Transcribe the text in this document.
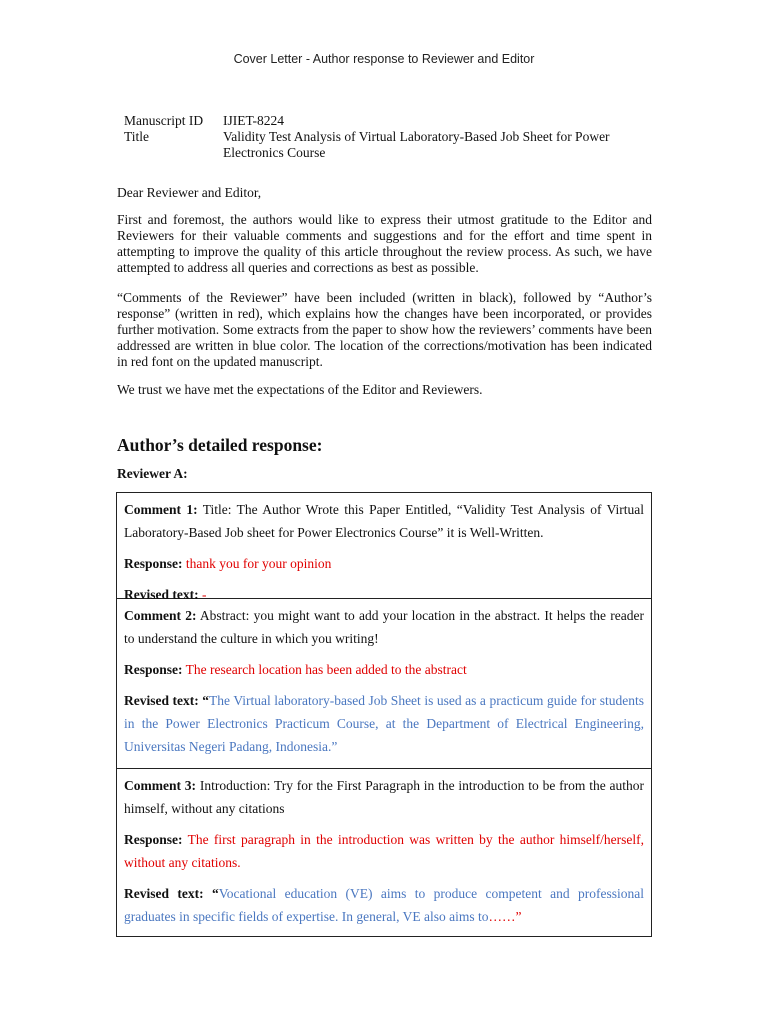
Cover Letter - Author response to Reviewer and Editor
Manuscript ID	IJIET-8224
Title	Validity Test Analysis of Virtual Laboratory-Based Job Sheet for Power Electronics Course
Dear Reviewer and Editor,
First and foremost, the authors would like to express their utmost gratitude to the Editor and Reviewers for their valuable comments and suggestions and for the effort and time spent in attempting to improve the quality of this article throughout the review process. As such, we have attempted to address all queries and corrections as best as possible.
“Comments of the Reviewer” have been included (written in black), followed by “Author’s response” (written in red), which explains how the changes have been incorporated, or provides further motivation. Some extracts from the paper to show how the reviewers’ comments have been addressed are written in blue color. The location of the corrections/motivation has been indicated in red font on the updated manuscript.
We trust we have met the expectations of the Editor and Reviewers.
Author’s detailed response:
Reviewer A:

Comment 1: Title: The Author Wrote this Paper Entitled, “Validity Test Analysis of Virtual Laboratory-Based Job sheet for Power Electronics Course” it is Well-Written.

Response: thank you for your opinion

Revised text: -

Comment 2: Abstract: you might want to add your location in the abstract. It helps the reader to understand the culture in which you writing!

Response: The research location has been added to the abstract

Revised text: “The Virtual laboratory-based Job Sheet is used as a practicum guide for students in the Power Electronics Practicum Course, at the Department of Electrical Engineering, Universitas Negeri Padang, Indonesia.”

Comment 3: Introduction: Try for the First Paragraph in the introduction to be from the author himself, without any citations

Response: The first paragraph in the introduction was written by the author himself/herself, without any citations.

Revised text: “Vocational education (VE) aims to produce competent and professional graduates in specific fields of expertise. In general, VE also aims to……”
